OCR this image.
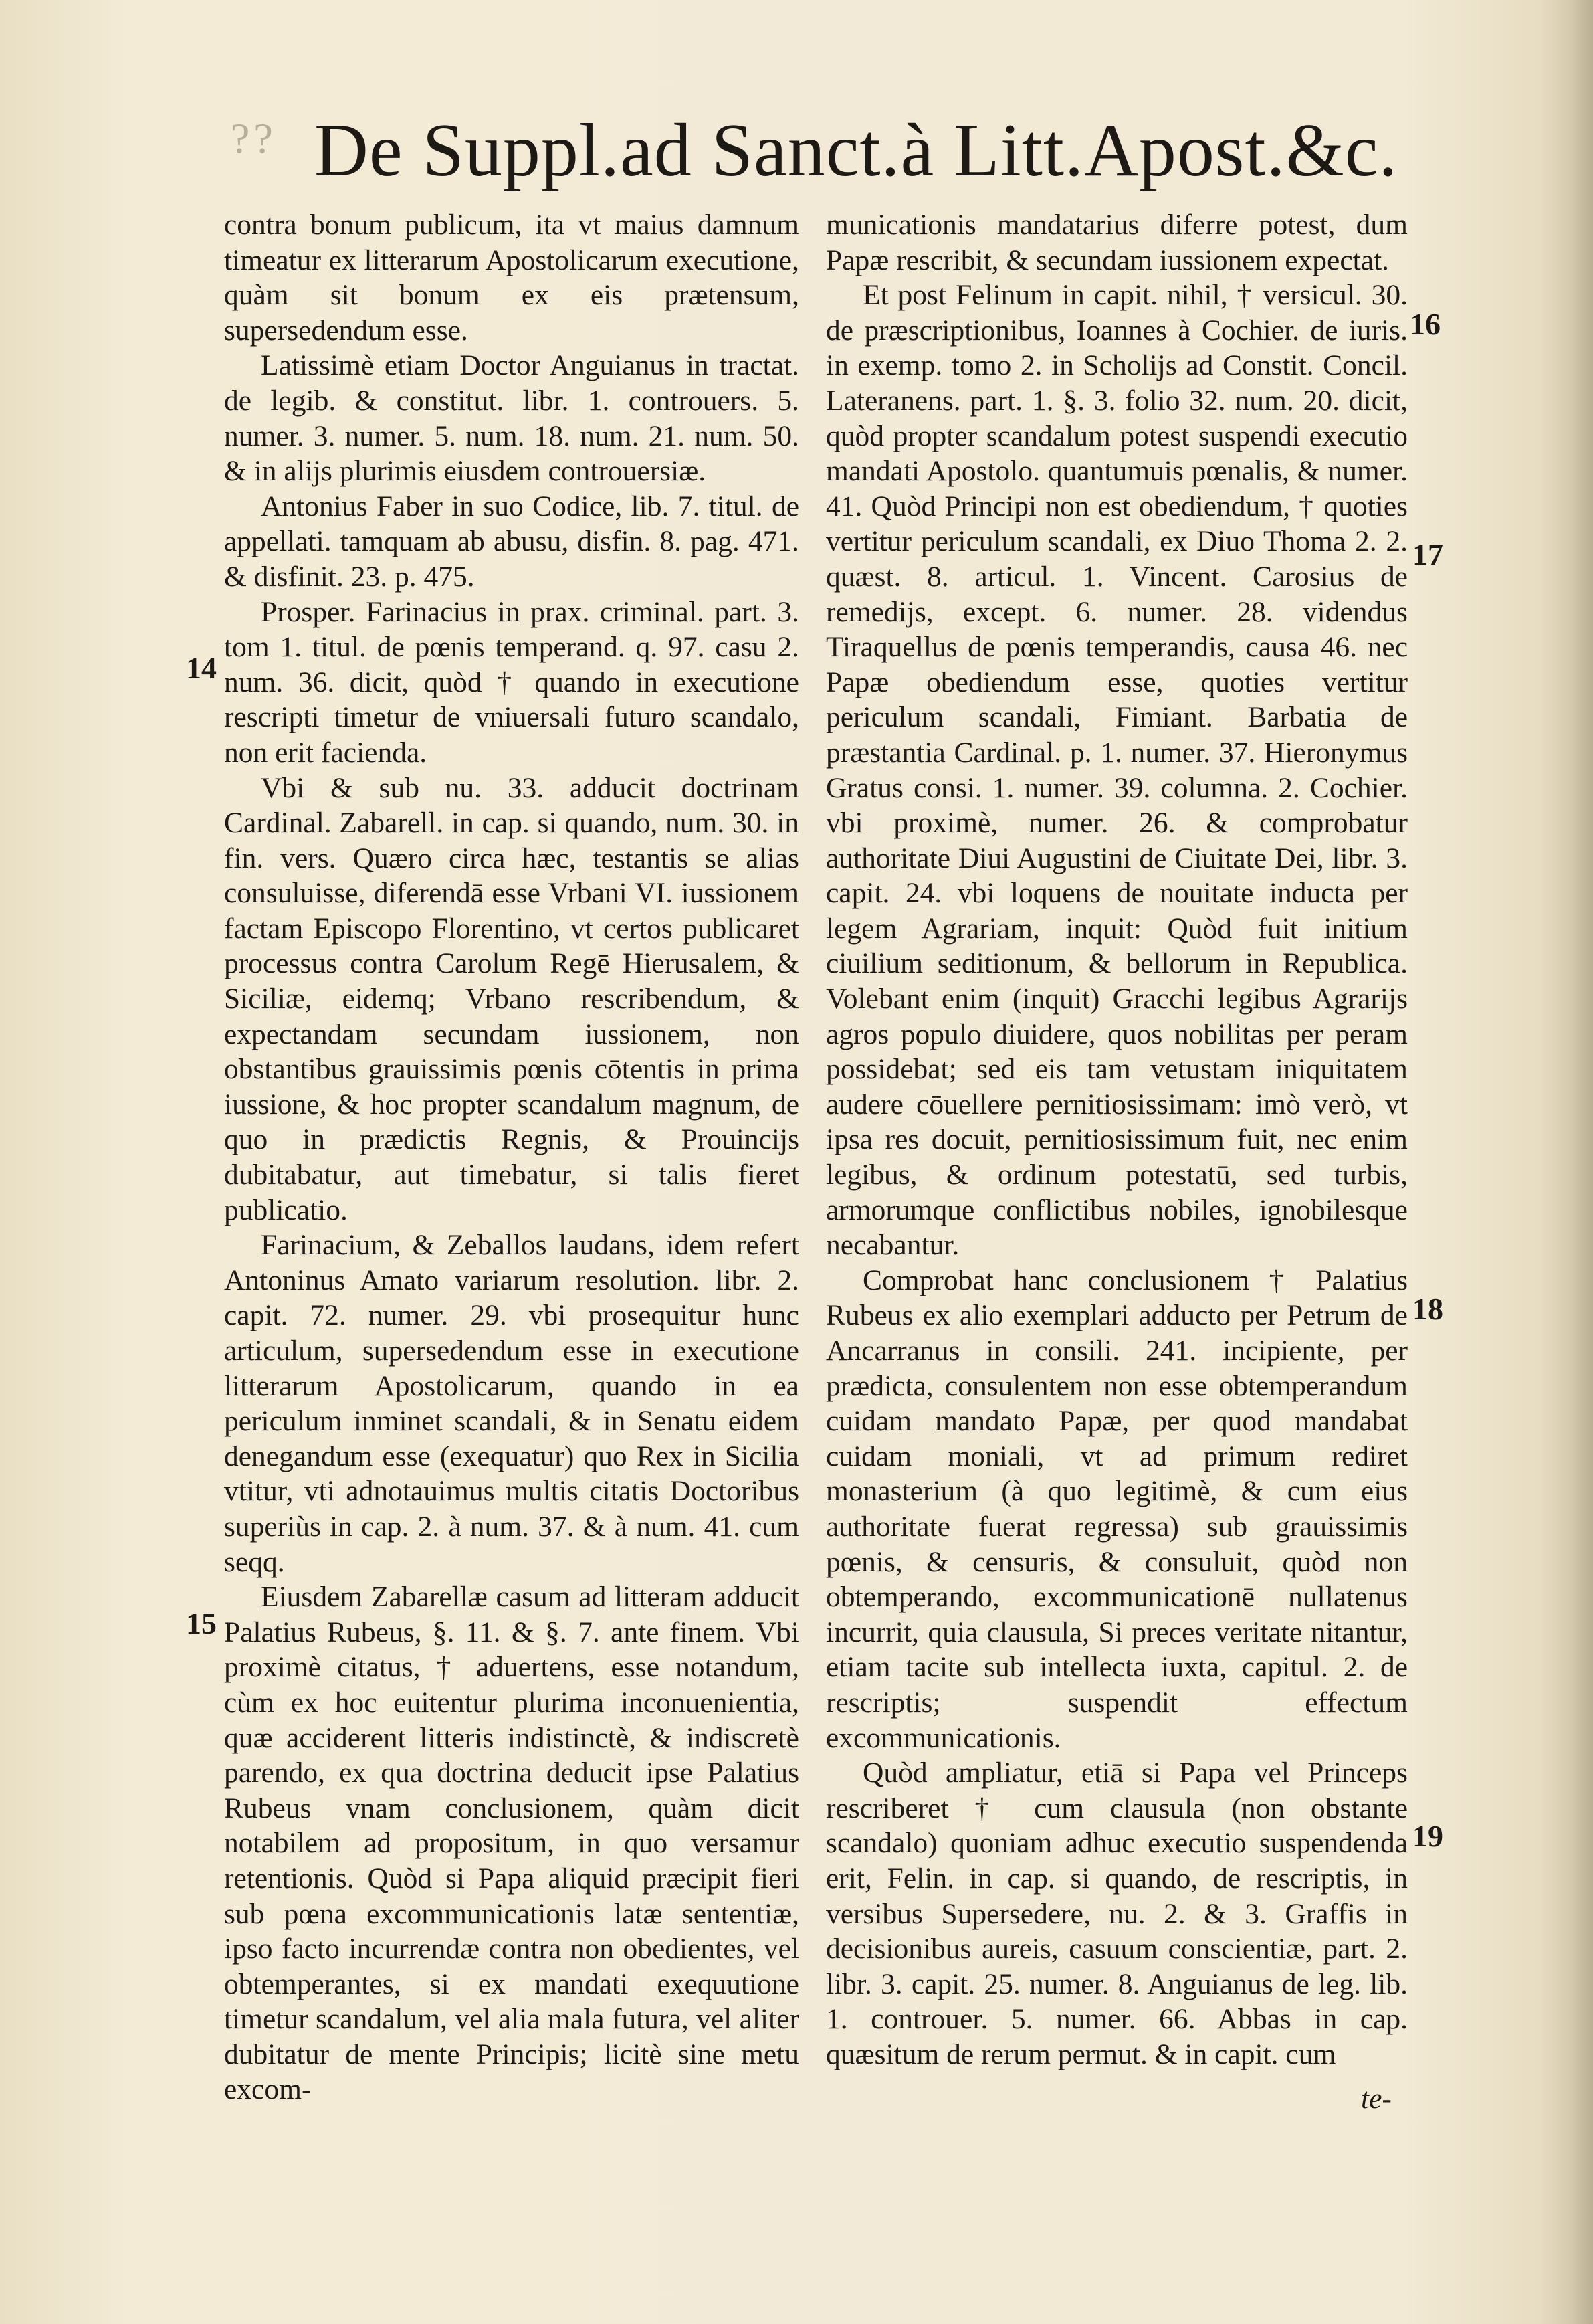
?? De Suppl.ad Sanct.à Litt.Apost.&c.

contra bonum publicum, ita vt maius damnum timeatur ex litterarum Apostolicarum executione, quàm sit bonum ex eis prætensum, supersedendum esse.

Latissimè etiam Doctor Anguianus in tractat. de legib. & constitut. libr. 1. controuers. 5. numer. 3. numer. 5. num. 18. num. 21. num. 50. & in alijs plurimis eiusdem controuersiæ.

Antonius Faber in suo Codice, lib. 7. titul. de appellati. tamquam ab abusu, disfin. 8. pag. 471. & disfinit. 23. p. 475.

Prosper. Farinacius in prax. criminal. part. 3. tom 1. titul. de pœnis temperand. q. 97. casu 2. num. 36. dicit, quòd † quando in executione rescripti timetur de vniuersali futuro scandalo, non erit facienda.

Vbi & sub nu. 33. adducit doctrinam Cardinal. Zabarell. in cap. si quando, num. 30. in fin. vers. Quæro circa hæc, testantis se alias consuluisse, diferendā esse Vrbani VI. iussionem factam Episcopo Florentino, vt certos publicaret processus contra Carolum Regē Hierusalem, & Siciliæ, eidemq; Vrbano rescribendum, & expectandam secundam iussionem, non obstantibus grauissimis pœnis cōtentis in prima iussione, & hoc propter scandalum magnum, de quo in prædictis Regnis, & Prouincijs dubitabatur, aut timebatur, si talis fieret publicatio.

Farinacium, & Zeballos laudans, idem refert Antoninus Amato variarum resolution. libr. 2. capit. 72. numer. 29. vbi prosequitur hunc articulum, supersedendum esse in executione litterarum Apostolicarum, quando in ea periculum inminet scandali, & in Senatu eidem denegandum esse (exequatur) quo Rex in Sicilia vtitur, vti adnotauimus multis citatis Doctoribus superiùs in cap. 2. à num. 37. & à num. 41. cum seqq.

Eiusdem Zabarellæ casum ad litteram adducit Palatius Rubeus, §. 11. & §. 7. ante finem. Vbi proximè citatus, † aduertens, esse notandum, cùm ex hoc euitentur plurima inconuenientia, quæ acciderent litteris indistinctè, & indiscretè parendo, ex qua doctrina deducit ipse Palatius Rubeus vnam conclusionem, quàm dicit notabilem ad propositum, in quo versamur retentionis. Quòd si Papa aliquid præcipit fieri sub pœna excommunicationis latæ sententiæ, ipso facto incurrendæ contra non obedientes, vel obtemperantes, si ex mandati exequutione timetur scandalum, vel alia mala futura, vel aliter dubitatur de mente Principis; licitè sine metu excom-

municationis mandatarius diferre potest, dum Papæ rescribit, & secundam iussionem expectat.

Et post Felinum in capit. nihil, † versicul. 30. de præscriptionibus, Ioannes à Cochier. de iuris. in exemp. tomo 2. in Scholijs ad Constit. Concil. Lateranens. part. 1. §. 3. folio 32. num. 20. dicit, quòd propter scandalum potest suspendi executio mandati Apostolo. quantumuis pœnalis, & numer. 41. Quòd Principi non est obediendum, † quoties vertitur periculum scandali, ex Diuo Thoma 2. 2. quæst. 8. articul. 1. Vincent. Carosius de remedijs, except. 6. numer. 28. videndus Tiraquellus de pœnis temperandis, causa 46. nec Papæ obediendum esse, quoties vertitur periculum scandali, Fimiant. Barbatia de præstantia Cardinal. p. 1. numer. 37. Hieronymus Gratus consi. 1. numer. 39. columna. 2. Cochier. vbi proximè, numer. 26. & comprobatur authoritate Diui Augustini de Ciuitate Dei, libr. 3. capit. 24. vbi loquens de nouitate inducta per legem Agrariam, inquit: Quòd fuit initium ciuilium seditionum, & bellorum in Republica. Volebant enim (inquit) Gracchi legibus Agrarijs agros populo diuidere, quos nobilitas per peram possidebat; sed eis tam vetustam iniquitatem audere cōuellere pernitiosissimam: imò verò, vt ipsa res docuit, pernitiosissimum fuit, nec enim legibus, & ordinum potestatū, sed turbis, armorumque conflictibus nobiles, ignobilesque necabantur.

Comprobat hanc conclusionem † Palatius Rubeus ex alio exemplari adducto per Petrum de Ancarranus in consili. 241. incipiente, per prædicta, consulentem non esse obtemperandum cuidam mandato Papæ, per quod mandabat cuidam moniali, vt ad primum rediret monasterium (à quo legitimè, & cum eius authoritate fuerat regressa) sub grauissimis pœnis, & censuris, & consuluit, quòd non obtemperando, excommunicationē nullatenus incurrit, quia clausula, Si preces veritate nitantur, etiam tacite sub intellecta iuxta, capitul. 2. de rescriptis; suspendit effectum excommunicationis.

Quòd ampliatur, etiā si Papa vel Princeps rescriberet † cum clausula (non obstante scandalo) quoniam adhuc executio suspendenda erit, Felin. in cap. si quando, de rescriptis, in versibus Supersedere, nu. 2. & 3. Graffis in decisionibus aureis, casuum conscientiæ, part. 2. libr. 3. capit. 25. numer. 8. Anguianus de leg. lib. 1. controuer. 5. numer. 66. Abbas in cap. quæsitum de rerum permut. & in capit. cum

14
15
16
17
18
19
te-
